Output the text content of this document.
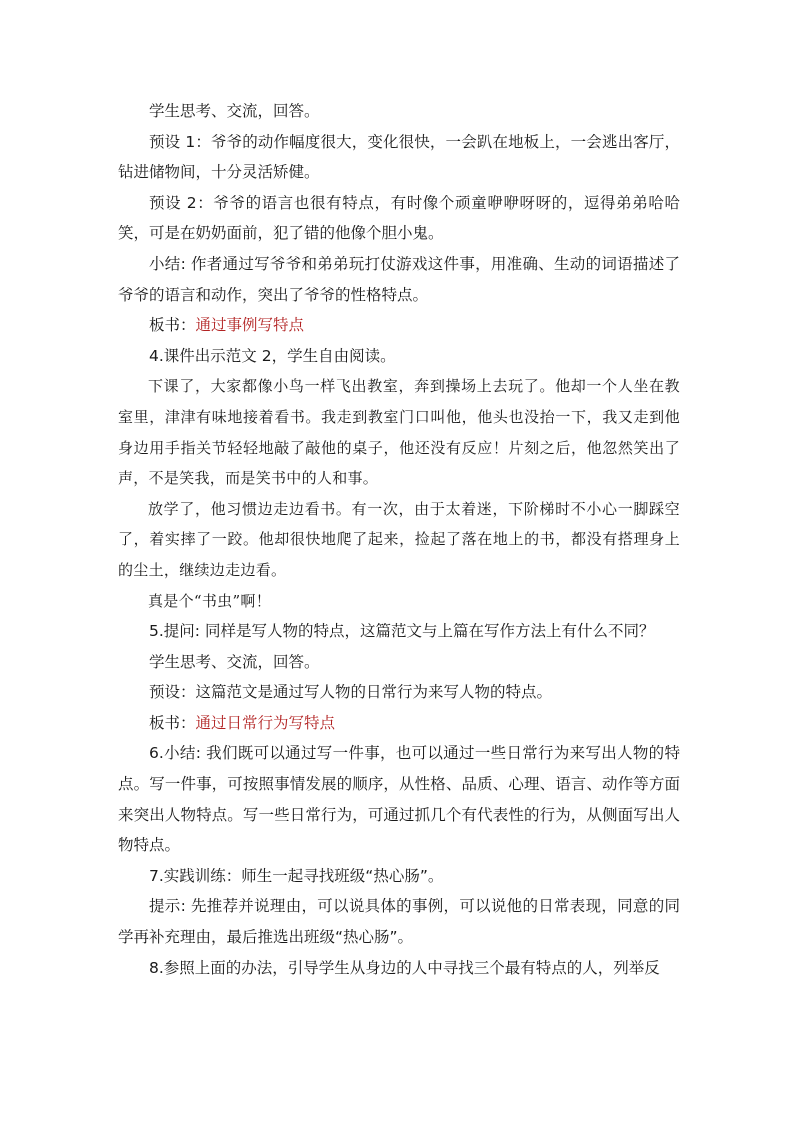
学生思考、交流，回答。

预设 1：爷爷的动作幅度很大，变化很快，一会趴在地板上，一会逃出客厅，钻进储物间，十分灵活矫健。

预设 2：爷爷的语言也很有特点，有时像个顽童咿咿呀呀的，逗得弟弟哈哈笑，可是在奶奶面前，犯了错的他像个胆小鬼。

小结: 作者通过写爷爷和弟弟玩打仗游戏这件事，用准确、生动的词语描述了爷爷的语言和动作，突出了爷爷的性格特点。

板书：通过事例写特点

4.课件出示范文 2，学生自由阅读。

下课了，大家都像小鸟一样飞出教室，奔到操场上去玩了。他却一个人坐在教室里，津津有味地接着看书。我走到教室门口叫他，他头也没抬一下，我又走到他身边用手指关节轻轻地敲了敲他的桌子，他还没有反应！片刻之后，他忽然笑出了声，不是笑我，而是笑书中的人和事。

放学了，他习惯边走边看书。有一次，由于太着迷，下阶梯时不小心一脚踩空了，着实摔了一跤。他却很快地爬了起来，捡起了落在地上的书，都没有搭理身上的尘土，继续边走边看。

真是个“书虫”啊！

5.提问: 同样是写人物的特点，这篇范文与上篇在写作方法上有什么不同？

学生思考、交流，回答。

预设：这篇范文是通过写人物的日常行为来写人物的特点。

板书：通过日常行为写特点

6.小结: 我们既可以通过写一件事，也可以通过一些日常行为来写出人物的特点。写一件事，可按照事情发展的顺序，从性格、品质、心理、语言、动作等方面来突出人物特点。写一些日常行为，可通过抓几个有代表性的行为，从侧面写出人物特点。

7.实践训练：师生一起寻找班级“热心肠”。

提示: 先推荐并说理由，可以说具体的事例，可以说他的日常表现，同意的同学再补充理由，最后推选出班级“热心肠”。

8.参照上面的办法，引导学生从身边的人中寻找三个最有特点的人，列举反
